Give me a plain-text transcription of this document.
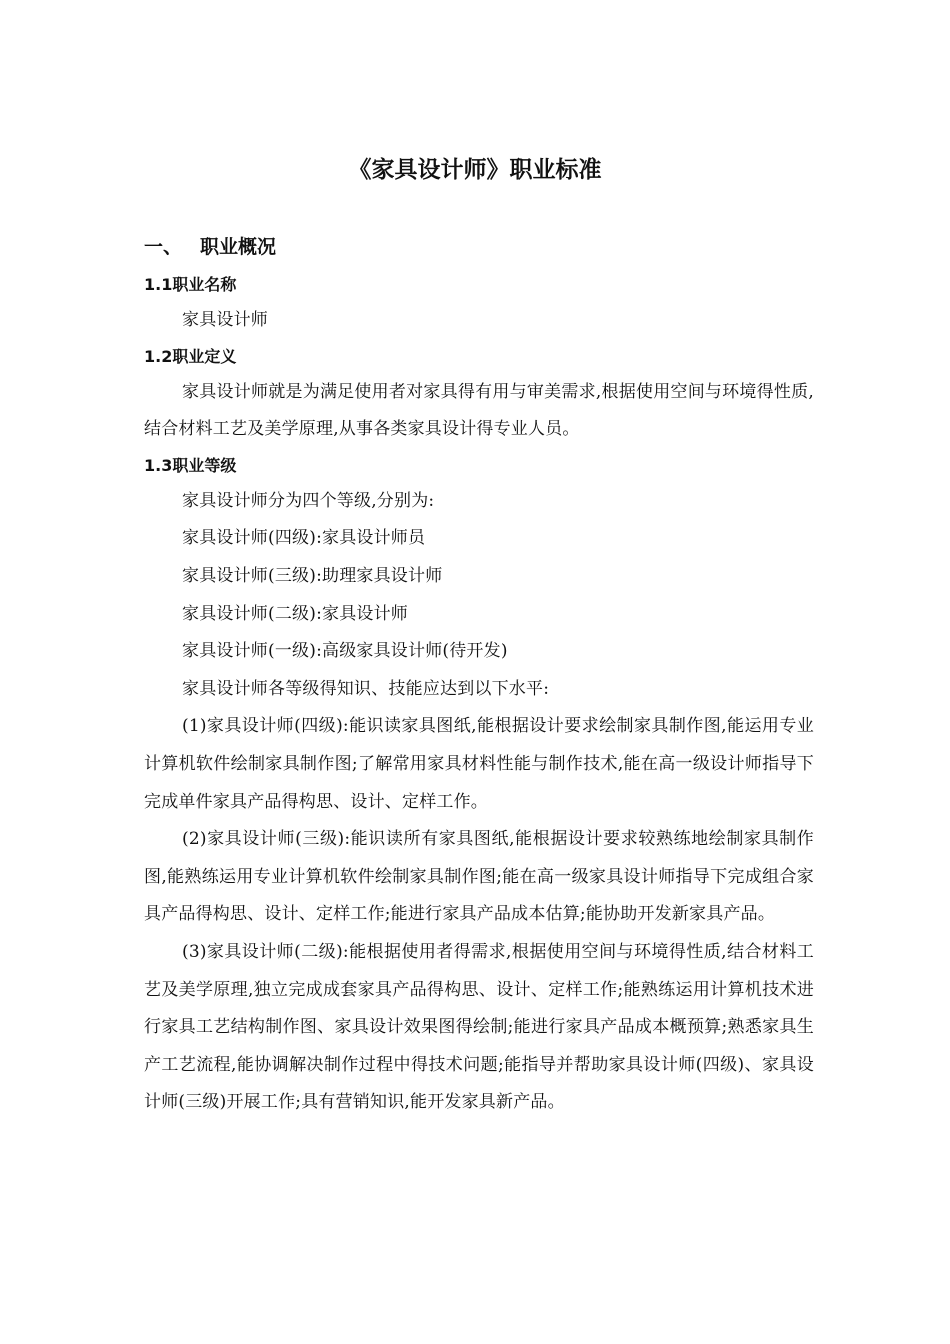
《家具设计师》职业标准
一、 职业概况
1.1职业名称

家具设计师

1.2职业定义

家具设计师就是为满足使用者对家具得有用与审美需求,根据使用空间与环境得性质,结合材料工艺及美学原理,从事各类家具设计得专业人员。

1.3职业等级

家具设计师分为四个等级,分别为:

家具设计师(四级):家具设计师员

家具设计师(三级):助理家具设计师

家具设计师(二级):家具设计师

家具设计师(一级):高级家具设计师(待开发)

家具设计师各等级得知识、技能应达到以下水平:

(1)家具设计师(四级):能识读家具图纸,能根据设计要求绘制家具制作图,能运用专业计算机软件绘制家具制作图;了解常用家具材料性能与制作技术,能在高一级设计师指导下完成单件家具产品得构思、设计、定样工作。

(2)家具设计师(三级):能识读所有家具图纸,能根据设计要求较熟练地绘制家具制作图,能熟练运用专业计算机软件绘制家具制作图;能在高一级家具设计师指导下完成组合家具产品得构思、设计、定样工作;能进行家具产品成本估算;能协助开发新家具产品。

(3)家具设计师(二级):能根据使用者得需求,根据使用空间与环境得性质,结合材料工艺及美学原理,独立完成成套家具产品得构思、设计、定样工作;能熟练运用计算机技术进行家具工艺结构制作图、家具设计效果图得绘制;能进行家具产品成本概预算;熟悉家具生产工艺流程,能协调解决制作过程中得技术问题;能指导并帮助家具设计师(四级)、家具设计师(三级)开展工作;具有营销知识,能开发家具新产品。
